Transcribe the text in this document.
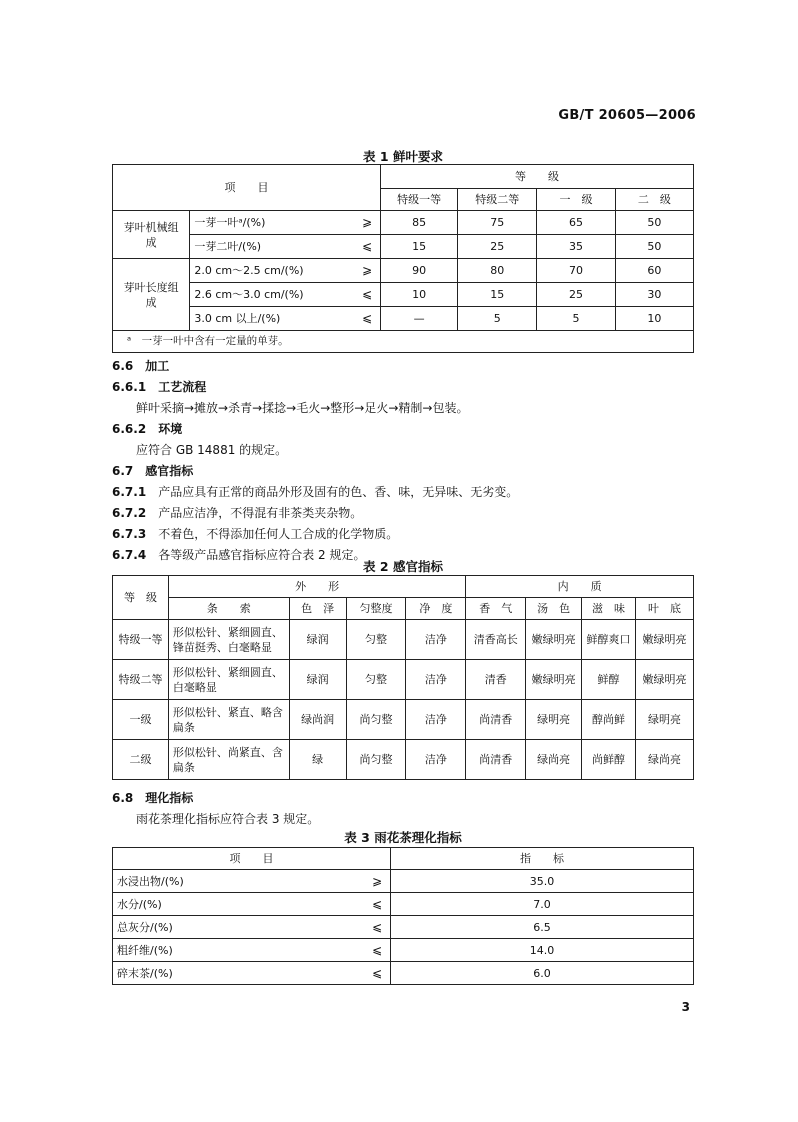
GB/T 20605—2006
表 1 鲜叶要求
项　　目			等　　级			
			特级一等	特级二等	一　级	二　级
芽叶机械组成	一芽一叶ᵃ/(%)	⩾	85	75	65	50
	一芽二叶/(%)	⩽	15	25	35	50
芽叶长度组成	2.0 cm～2.5 cm/(%)	⩾	90	80	70	60
	2.6 cm～3.0 cm/(%)	⩽	10	15	25	30
	3.0 cm 以上/(%)	⩽	—	5	5	10
ᵃ　一芽一叶中含有一定量的单芽。						
6.6　 加工
6.6.1　 工艺流程
鲜叶采摘→摊放→杀青→揉捻→毛火→整形→足火→精制→包装。
6.6.2　 环境
应符合 GB 14881 的规定。
6.7　 感官指标
6.7.1　 产品应具有正常的商品外形及固有的色、香、味，无异味、无劣变。
6.7.2　 产品应洁净，不得混有非茶类夹杂物。
6.7.3　 不着色，不得添加任何人工合成的化学物质。
6.7.4　 各等级产品感官指标应符合表 2 规定。
表 2 感官指标
等　级	外　　形				内　　质			
	条　　索	色　泽	匀整度	净　度	香　气	汤　色	滋　味	叶　底
特级一等	形似松针、紧细圆直、锋苗挺秀、白毫略显	绿润	匀整	洁净	清香高长	嫩绿明亮	鲜醇爽口	嫩绿明亮
特级二等	形似松针、紧细圆直、白毫略显	绿润	匀整	洁净	清香	嫩绿明亮	鲜醇	嫩绿明亮
一级	形似松针、紧直、略含扁条	绿尚润	尚匀整	洁净	尚清香	绿明亮	醇尚鲜	绿明亮
二级	形似松针、尚紧直、含扁条	绿	尚匀整	洁净	尚清香	绿尚亮	尚鲜醇	绿尚亮
6.8　 理化指标
雨花茶理化指标应符合表 3 规定。
表 3 雨花茶理化指标
项　　目		指　　标
水浸出物/(%)	⩾	35.0
水分/(%)	⩽	7.0
总灰分/(%)	⩽	6.5
粗纤维/(%)	⩽	14.0
碎末茶/(%)	⩽	6.0
3
